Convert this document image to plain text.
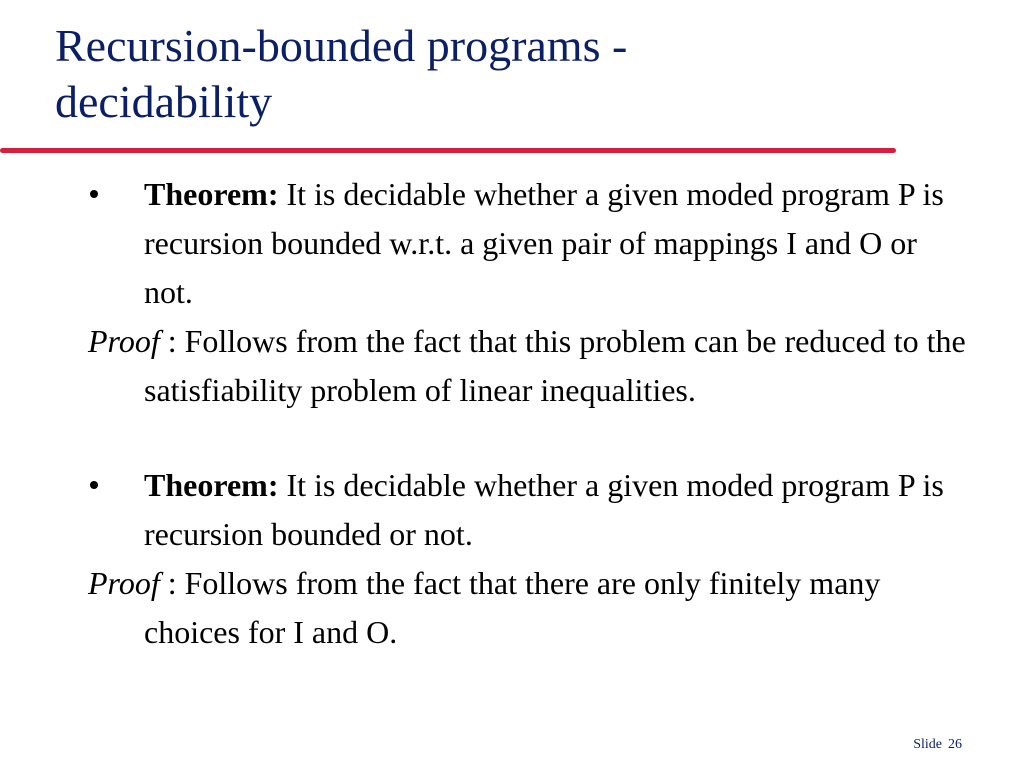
Recursion-bounded programs -
decidability

Theorem: It is decidable whether a given moded program P is recursion bounded w.r.t. a given pair of mappings I and O or not.

Proof : Follows from the fact that this problem can be reduced to the satisfiability problem of linear inequalities.

Theorem: It is decidable whether a given moded program P is recursion bounded or not.

Proof : Follows from the fact that there are only finitely many choices for I and O.

Slide 26
